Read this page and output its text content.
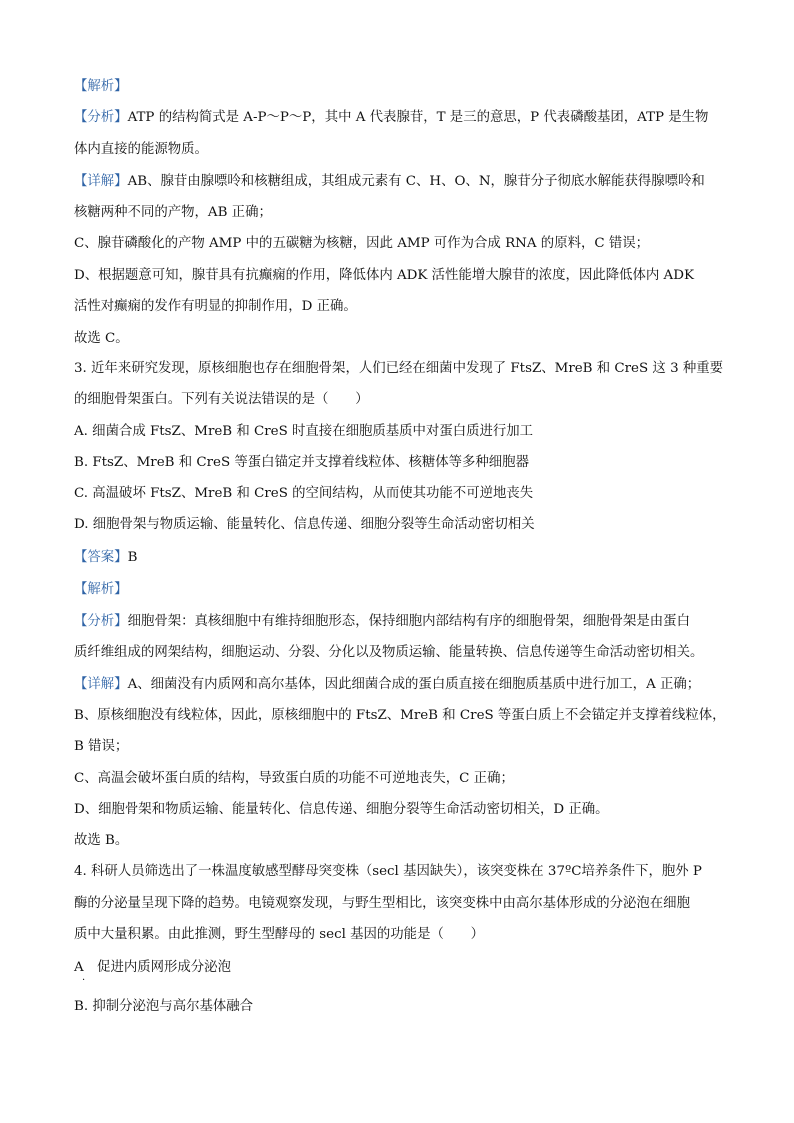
【解析】
【分析】ATP 的结构简式是 A-P～P～P，其中 A 代表腺苷，T 是三的意思，P 代表磷酸基团，ATP 是生物
体内直接的能源物质。
【详解】AB、腺苷由腺嘌呤和核糖组成，其组成元素有 C、H、O、N，腺苷分子彻底水解能获得腺嘌呤和
核糖两种不同的产物，AB 正确；
C、腺苷磷酸化的产物 AMP 中的五碳糖为核糖，因此 AMP 可作为合成 RNA 的原料，C 错误；
D、根据题意可知，腺苷具有抗癫痫的作用，降低体内 ADK 活性能增大腺苷的浓度，因此降低体内 ADK
活性对癫痫的发作有明显的抑制作用，D 正确。
故选 C。
3. 近年来研究发现，原核细胞也存在细胞骨架，人们已经在细菌中发现了 FtsZ、MreB 和 CreS 这 3 种重要
的细胞骨架蛋白。下列有关说法错误的是（　　）
A. 细菌合成 FtsZ、MreB 和 CreS 时直接在细胞质基质中对蛋白质进行加工
B. FtsZ、MreB 和 CreS 等蛋白锚定并支撑着线粒体、核糖体等多种细胞器
C. 高温破坏 FtsZ、MreB 和 CreS 的空间结构，从而使其功能不可逆地丧失
D. 细胞骨架与物质运输、能量转化、信息传递、细胞分裂等生命活动密切相关
【答案】B
【解析】
【分析】细胞骨架：真核细胞中有维持细胞形态，保持细胞内部结构有序的细胞骨架，细胞骨架是由蛋白
质纤维组成的网架结构，细胞运动、分裂、分化以及物质运输、能量转换、信息传递等生命活动密切相关。
【详解】A、细菌没有内质网和高尔基体，因此细菌合成的蛋白质直接在细胞质基质中进行加工，A 正确；
B、原核细胞没有线粒体，因此，原核细胞中的 FtsZ、MreB 和 CreS 等蛋白质上不会锚定并支撑着线粒体，
B 错误；
C、高温会破坏蛋白质的结构，导致蛋白质的功能不可逆地丧失，C 正确；
D、细胞骨架和物质运输、能量转化、信息传递、细胞分裂等生命活动密切相关，D 正确。
故选 B。
4. 科研人员筛选出了一株温度敏感型酵母突变株（secl 基因缺失），该突变株在 37ºC培养条件下，胞外 P
酶的分泌量呈现下降的趋势。电镜观察发现，与野生型相比，该突变株中由高尔基体形成的分泌泡在细胞
质中大量积累。由此推测，野生型酵母的 secl 基因的功能是（　　）
A　促进内质网形成分泌泡
·
B. 抑制分泌泡与高尔基体融合
